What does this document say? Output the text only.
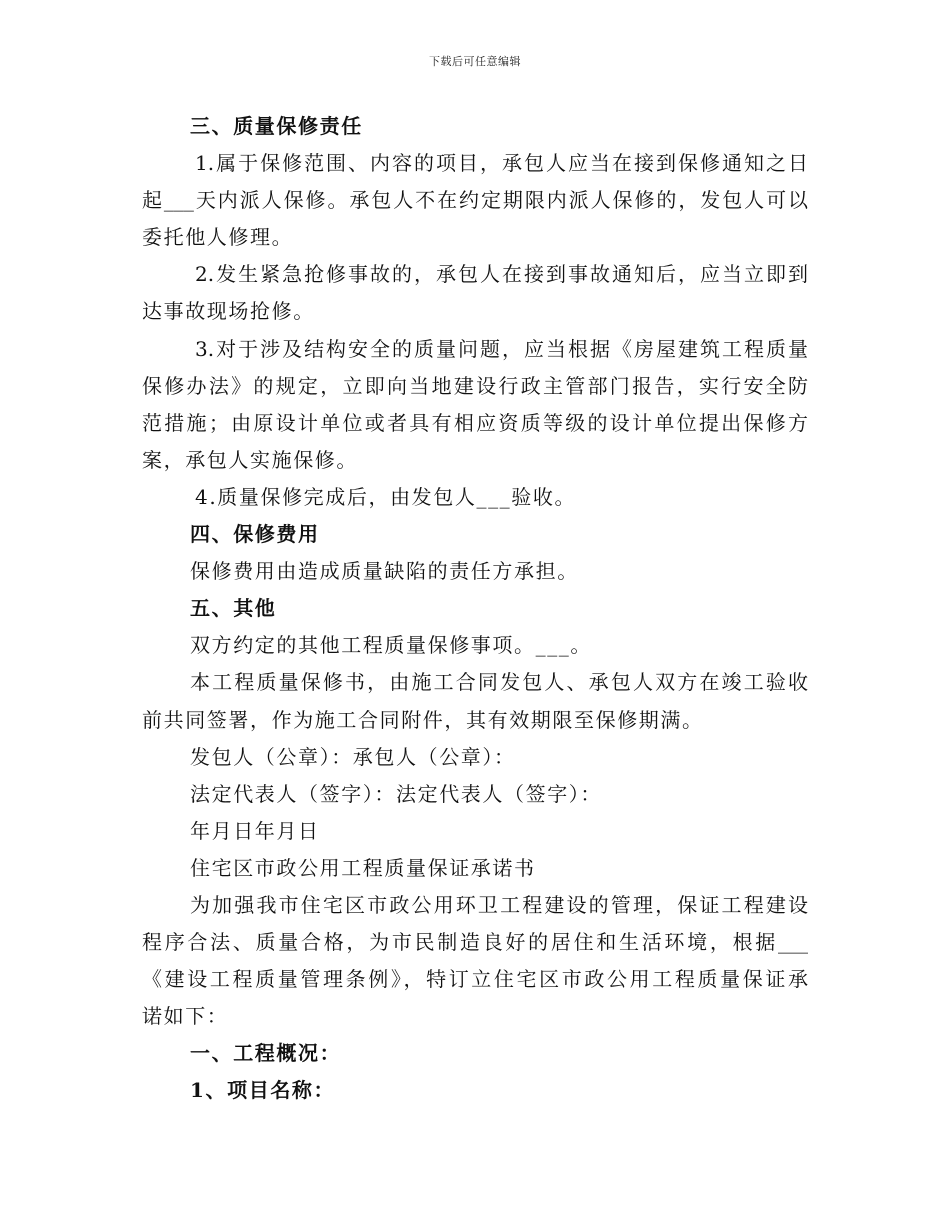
下载后可任意编辑
三、质量保修责任
1.属于保修范围、内容的项目，承包人应当在接到保修通知之日
起___天内派人保修。承包人不在约定期限内派人保修的，发包人可以
委托他人修理。
2.发生紧急抢修事故的，承包人在接到事故通知后，应当立即到
达事故现场抢修。
3.对于涉及结构安全的质量问题，应当根据《房屋建筑工程质量
保修办法》的规定，立即向当地建设行政主管部门报告，实行安全防
范措施；由原设计单位或者具有相应资质等级的设计单位提出保修方
案，承包人实施保修。
4.质量保修完成后，由发包人___验收。
四、保修费用
保修费用由造成质量缺陷的责任方承担。
五、其他
双方约定的其他工程质量保修事项。___。
本工程质量保修书，由施工合同发包人、承包人双方在竣工验收
前共同签署，作为施工合同附件，其有效期限至保修期满。
发包人（公章）：承包人（公章）：
法定代表人（签字）：法定代表人（签字）：
年月日年月日
住宅区市政公用工程质量保证承诺书
为加强我市住宅区市政公用环卫工程建设的管理，保证工程建设
程序合法、质量合格，为市民制造良好的居住和生活环境，根据___
《建设工程质量管理条例》，特订立住宅区市政公用工程质量保证承
诺如下：
一、工程概况：
1、项目名称：
